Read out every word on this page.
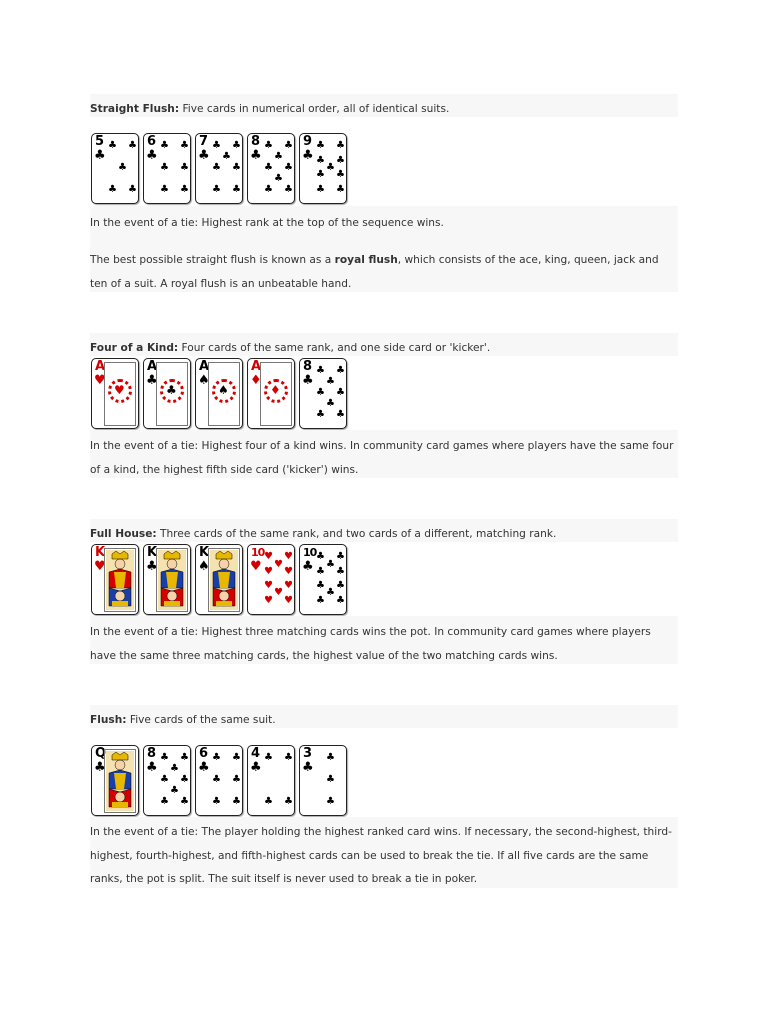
Straight Flush: Five cards in numerical order, all of identical suits.
5
♣
♣ ♣
♣
♣ ♣
6
♣
♣ ♣
♣ ♣
♣ ♣
7
♣
♣ ♣
♣
♣ ♣
♣ ♣
8
♣
♣ ♣
♣
♣ ♣
♣
♣ ♣
9
♣
♣ ♣
♣ ♣
♣
♣ ♣
♣ ♣
In the event of a tie: Highest rank at the top of the sequence wins.
The best possible straight flush is known as a royal flush, which consists of the ace, king, queen, jack and ten of a suit. A royal flush is an unbeatable hand.
Four of a Kind: Four cards of the same rank, and one side card or 'kicker'.
A
♥
♥
A
♣
♣
A
♠
♠
A
♦
♦
8
♣
♣ ♣
♣
♣ ♣
♣
♣ ♣
In the event of a tie: Highest four of a kind wins. In community card games where players have the same four of a kind, the highest fifth side card ('kicker') wins.
Full House: Three cards of the same rank, and two cards of a different, matching rank.
K
♥
K
♣
K
♠
10
♥
♥ ♥
♥
♥ ♥
♥ ♥
♥
♥ ♥
10
♣
♣ ♣
♣
♣ ♣
♣ ♣
♣
♣ ♣
In the event of a tie: Highest three matching cards wins the pot. In community card games where players have the same three matching cards, the highest value of the two matching cards wins.
Flush: Five cards of the same suit.
Q
♣
8
♣
♣ ♣
♣
♣ ♣
♣
♣ ♣
6
♣
♣ ♣
♣ ♣
♣ ♣
4
♣
♣ ♣
♣ ♣
3
♣
♣
♣
♣
In the event of a tie: The player holding the highest ranked card wins. If necessary, the second-highest, third-highest, fourth-highest, and fifth-highest cards can be used to break the tie. If all five cards are the same ranks, the pot is split. The suit itself is never used to break a tie in poker.
